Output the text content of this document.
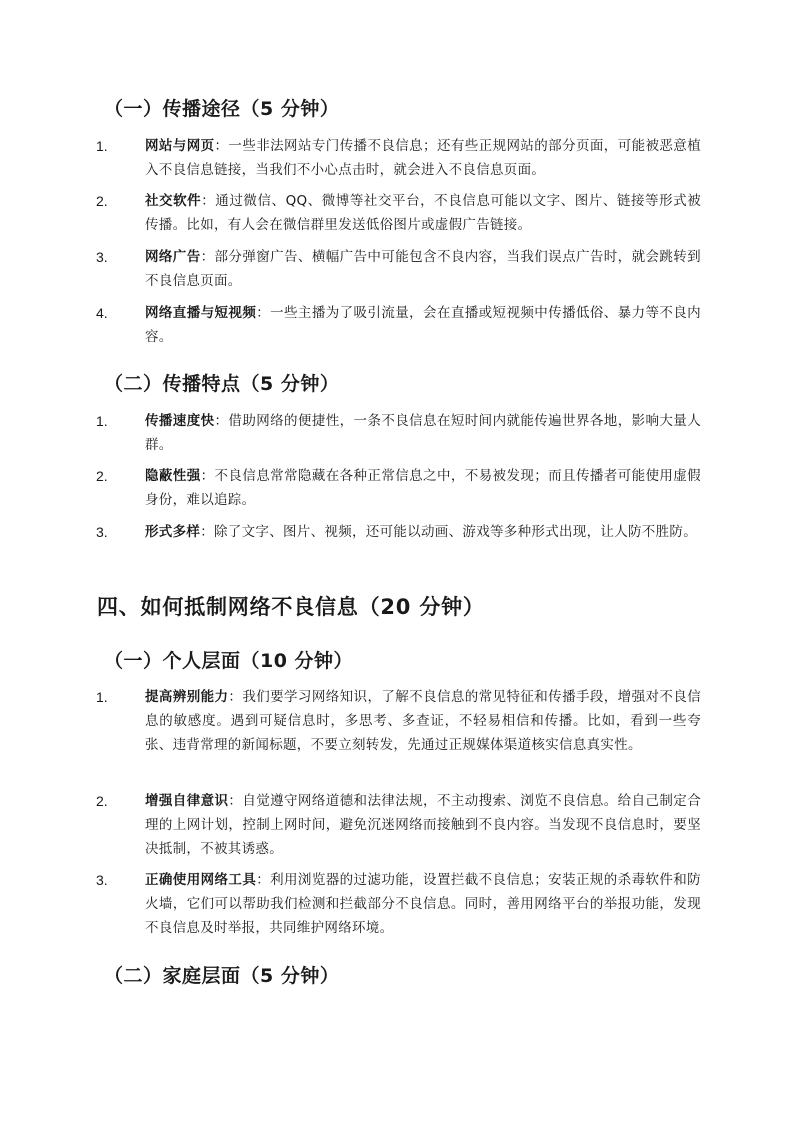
（一）传播途径（5 分钟）
1.	网站与网页：一些非法网站专门传播不良信息；还有些正规网站的部分页面，可能被恶意植入不良信息链接，当我们不小心点击时，就会进入不良信息页面。
2.	社交软件：通过微信、QQ、微博等社交平台，不良信息可能以文字、图片、链接等形式被传播。比如，有人会在微信群里发送低俗图片或虚假广告链接。
3.	网络广告：部分弹窗广告、横幅广告中可能包含不良内容，当我们误点广告时，就会跳转到不良信息页面。
4.	网络直播与短视频：一些主播为了吸引流量，会在直播或短视频中传播低俗、暴力等不良内容。
（二）传播特点（5 分钟）
1.	传播速度快：借助网络的便捷性，一条不良信息在短时间内就能传遍世界各地，影响大量人群。
2.	隐蔽性强：不良信息常常隐藏在各种正常信息之中，不易被发现；而且传播者可能使用虚假身份，难以追踪。
3.	形式多样：除了文字、图片、视频，还可能以动画、游戏等多种形式出现，让人防不胜防。
四、如何抵制网络不良信息（20 分钟）
（一）个人层面（10 分钟）
1.	提高辨别能力：我们要学习网络知识，了解不良信息的常见特征和传播手段，增强对不良信息的敏感度。遇到可疑信息时，多思考、多查证，不轻易相信和传播。比如，看到一些夸张、违背常理的新闻标题，不要立刻转发，先通过正规媒体渠道核实信息真实性。
2.	增强自律意识：自觉遵守网络道德和法律法规，不主动搜索、浏览不良信息。给自己制定合理的上网计划，控制上网时间，避免沉迷网络而接触到不良内容。当发现不良信息时，要坚决抵制，不被其诱惑。
3.	正确使用网络工具：利用浏览器的过滤功能，设置拦截不良信息；安装正规的杀毒软件和防火墙，它们可以帮助我们检测和拦截部分不良信息。同时，善用网络平台的举报功能，发现不良信息及时举报，共同维护网络环境。
（二）家庭层面（5 分钟）
